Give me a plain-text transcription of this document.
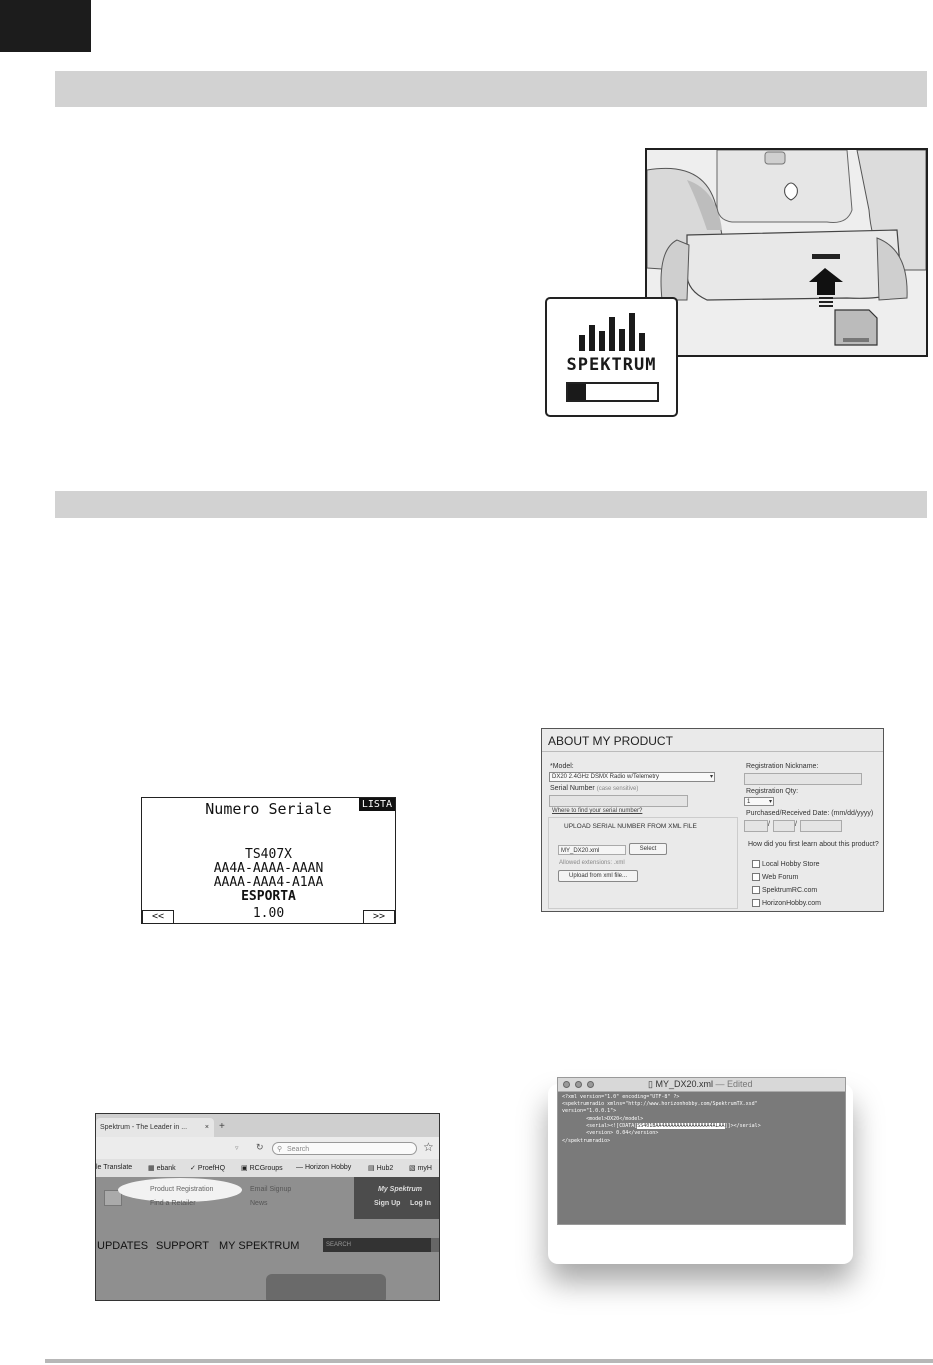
SPEKTRUM
Numero Seriale	LISTA
TS407X
AA4A-AAAA-AAAN
AAAA-AAA4-A1AA
ESPORTA
1.00
<<	>>
ABOUT MY PRODUCT
*Model:
DX20 2.4GHz DSMX Radio w/Telemetry	▾
Serial Number (case sensitive)
Where to find your serial number?
UPLOAD SERIAL NUMBER FROM XML FILE
MY_DX20.xml	Select
Allowed extensions: .xml
Upload from xml file...
Registration Nickname:
Registration Qty:
1	▾
Purchased/Received Date: (mm/dd/yyyy)
/	/
How did you first learn about this product?
Local Hobby Store
Web Forum
SpektrumRC.com
HorizonHobby.com
Spektrum - The Leader in ...	× +
▿ ↻ ⚲ Search	☆
le Translate ▦ ebank ✓ ProefHQ ▣ RCGroups — Horizon Hobby ▤ Hub2 ▧ myH
Product Registration
Find a Retailer
Email Signup
News
My Spektrum
Sign Up Log In
UPDATES SUPPORT MY SPEKTRUM	SEARCH
▯ MY_DX20.xml — Edited
<?xml version="1.0" encoding="UTF-8" ?>
<spektrumradio xmlns="http://www.horizonhobby.com/SpektrumTX.xsd"
version="1.0.0.1">
<model>DX20</model>
<serial><![CDATA[SS401BAA4AAAAAAAAAAAAAAA4ALAA]]></serial>
<version> 0.04</version>
</spektrumradio>
